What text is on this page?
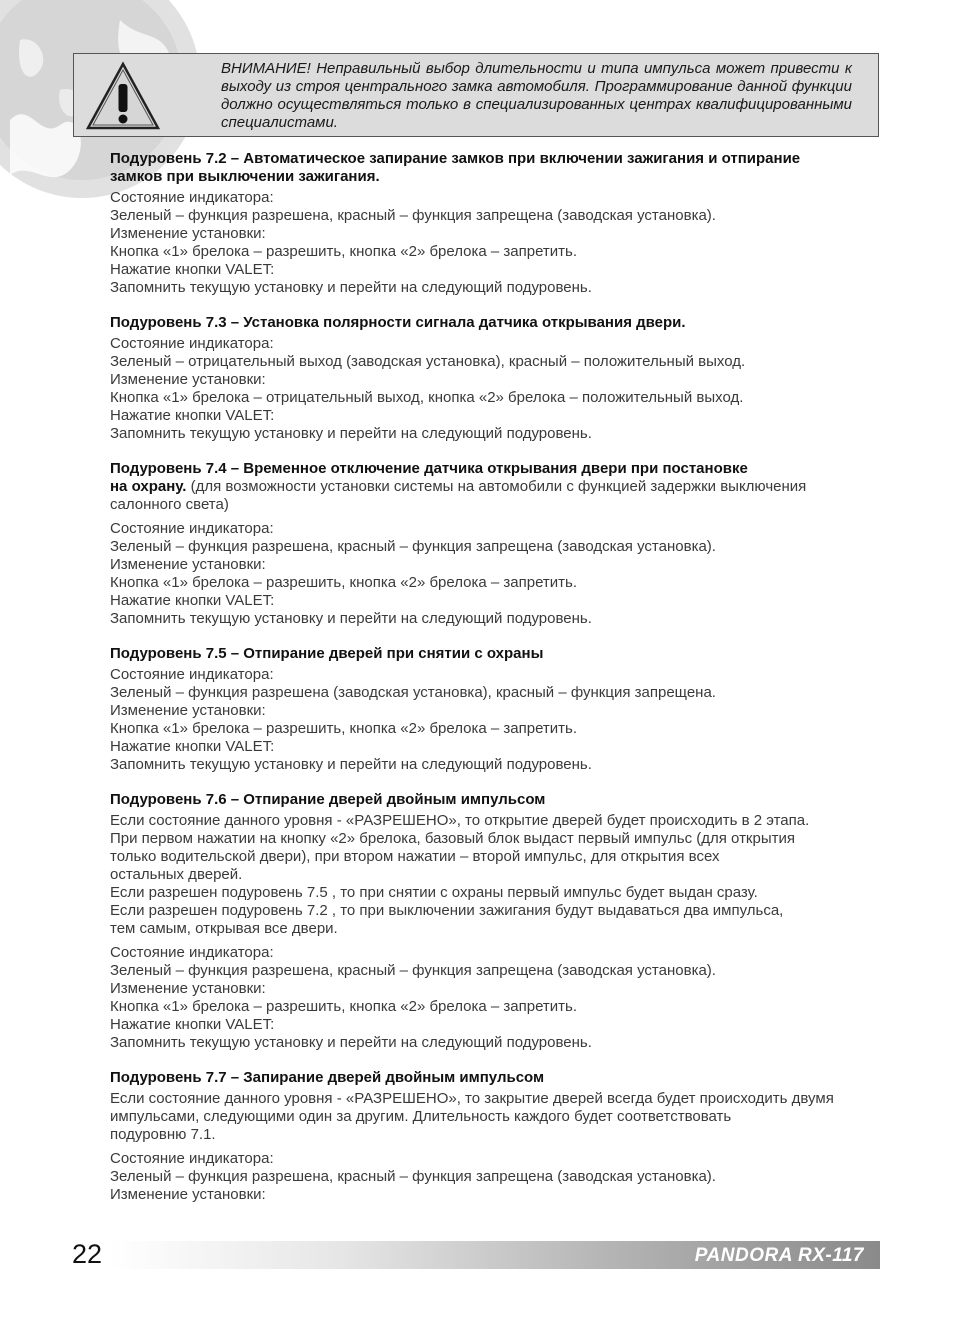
ВНИМАНИЕ! Неправильный выбор длительности и типа импульса может привести к выходу из строя центрального замка автомобиля. Программирование данной функции должно осуществляться только в специализированных центрах квалифицированными специалистами.

Подуровень 7.2 – Автоматическое запирание замков при включении зажигания и отпирание
замков при выключении зажигания.

Состояние индикатора:
Зеленый – функция разрешена, красный – функция запрещена (заводская установка).
Изменение установки:
Кнопка «1» брелока – разрешить, кнопка «2» брелока – запретить.
Нажатие кнопки VALET:
Запомнить текущую установку и перейти на следующий подуровень.

Подуровень 7.3 – Установка полярности сигнала датчика открывания двери.

Состояние индикатора:
Зеленый – отрицательный выход (заводская установка), красный – положительный выход.
Изменение установки:
Кнопка «1» брелока – отрицательный выход, кнопка «2» брелока – положительный выход.
Нажатие кнопки VALET:
Запомнить текущую установку и перейти на следующий подуровень.

Подуровень 7.4 – Временное отключение датчика открывания двери при постановке
на охрану. (для возможности установки системы на автомобили с функцией задержки выключения
салонного света)

Состояние индикатора:
Зеленый – функция разрешена, красный – функция запрещена (заводская установка).
Изменение установки:
Кнопка «1» брелока – разрешить, кнопка «2» брелока – запретить.
Нажатие кнопки VALET:
Запомнить текущую установку и перейти на следующий подуровень.

Подуровень 7.5 – Отпирание дверей при снятии с охраны

Состояние индикатора:
Зеленый – функция разрешена (заводская установка), красный – функция запрещена.
Изменение установки:
Кнопка «1» брелока – разрешить, кнопка «2» брелока – запретить.
Нажатие кнопки VALET:
Запомнить текущую установку и перейти на следующий подуровень.

Подуровень 7.6 – Отпирание дверей двойным импульсом

Если состояние данного уровня - «РАЗРЕШЕНО», то открытие дверей будет происходить в 2 этапа.
При первом нажатии на кнопку «2» брелока, базовый блок выдаст первый импульс (для открытия
только водительской двери), при втором нажатии – второй импульс, для открытия всех
остальных дверей.
Если разрешен подуровень 7.5 , то при снятии с охраны первый импульс будет выдан сразу.
Если разрешен подуровень 7.2 , то при выключении зажигания будут выдаваться два импульса,
тем самым, открывая все двери.
Состояние индикатора:
Зеленый – функция разрешена, красный – функция запрещена (заводская установка).
Изменение установки:
Кнопка «1» брелока – разрешить, кнопка «2» брелока – запретить.
Нажатие кнопки VALET:
Запомнить текущую установку и перейти на следующий подуровень.

Подуровень 7.7 – Запирание дверей двойным импульсом

Если состояние данного уровня - «РАЗРЕШЕНО», то закрытие дверей всегда будет происходить двумя
импульсами, следующими один за другим. Длительность каждого будет соответствовать
подуровню 7.1.
Состояние индикатора:
Зеленый – функция разрешена, красный – функция запрещена (заводская установка).
Изменение установки:
22	PANDORA RX-117
